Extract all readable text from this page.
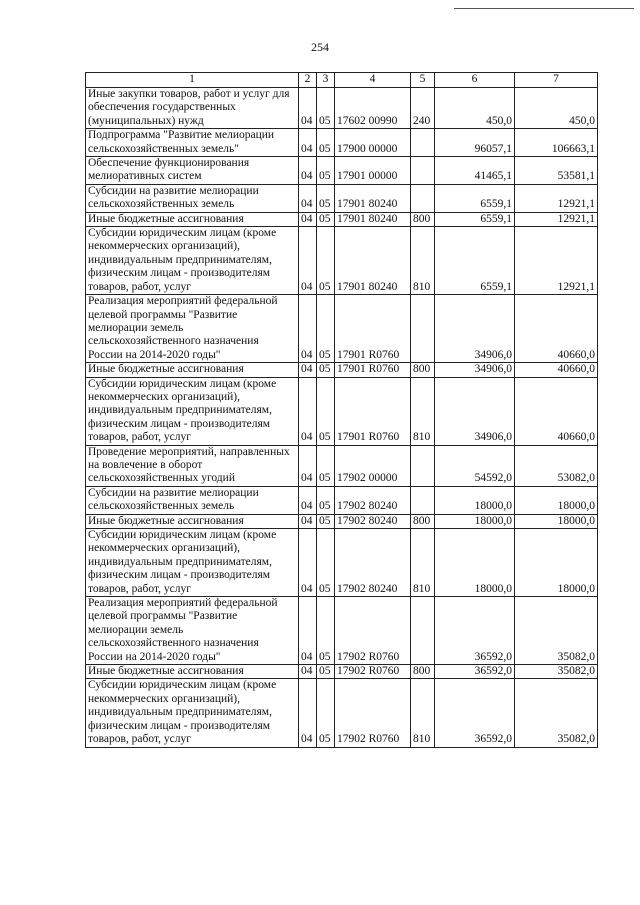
254
1	2	3	4	5	6	7
Иные закупки товаров, работ и услуг для обеспечения государственных (муниципальных) нужд	04	05	17602 00990	240	450,0	450,0
Подпрограмма "Развитие мелиорации сельскохозяйственных земель"	04	05	17900 00000		96057,1	106663,1
Обеспечение функционирования мелиоративных систем	04	05	17901 00000		41465,1	53581,1
Субсидии на развитие мелиорации сельскохозяйственных земель	04	05	17901 80240		6559,1	12921,1
Иные бюджетные ассигнования	04	05	17901 80240	800	6559,1	12921,1
Субсидии юридическим лицам (кроме некоммерческих организаций), индивидуальным предпринимателям, физическим лицам - производителям товаров, работ, услуг	04	05	17901 80240	810	6559,1	12921,1
Реализация мероприятий федеральной целевой программы "Развитие мелиорации земель сельскохозяйственного назначения России на 2014-2020 годы"	04	05	17901 R0760		34906,0	40660,0
Иные бюджетные ассигнования	04	05	17901 R0760	800	34906,0	40660,0
Субсидии юридическим лицам (кроме некоммерческих организаций), индивидуальным предпринимателям, физическим лицам - производителям товаров, работ, услуг	04	05	17901 R0760	810	34906,0	40660,0
Проведение мероприятий, направленных на вовлечение в оборот сельскохозяйственных угодий	04	05	17902 00000		54592,0	53082,0
Субсидии на развитие мелиорации сельскохозяйственных земель	04	05	17902 80240		18000,0	18000,0
Иные бюджетные ассигнования	04	05	17902 80240	800	18000,0	18000,0
Субсидии юридическим лицам (кроме некоммерческих организаций), индивидуальным предпринимателям, физическим лицам - производителям товаров, работ, услуг	04	05	17902 80240	810	18000,0	18000,0
Реализация мероприятий федеральной целевой программы "Развитие мелиорации земель сельскохозяйственного назначения России на 2014-2020 годы"	04	05	17902 R0760		36592,0	35082,0
Иные бюджетные ассигнования	04	05	17902 R0760	800	36592,0	35082,0
Субсидии юридическим лицам (кроме некоммерческих организаций), индивидуальным предпринимателям, физическим лицам - производителям товаров, работ, услуг	04	05	17902 R0760	810	36592,0	35082,0
